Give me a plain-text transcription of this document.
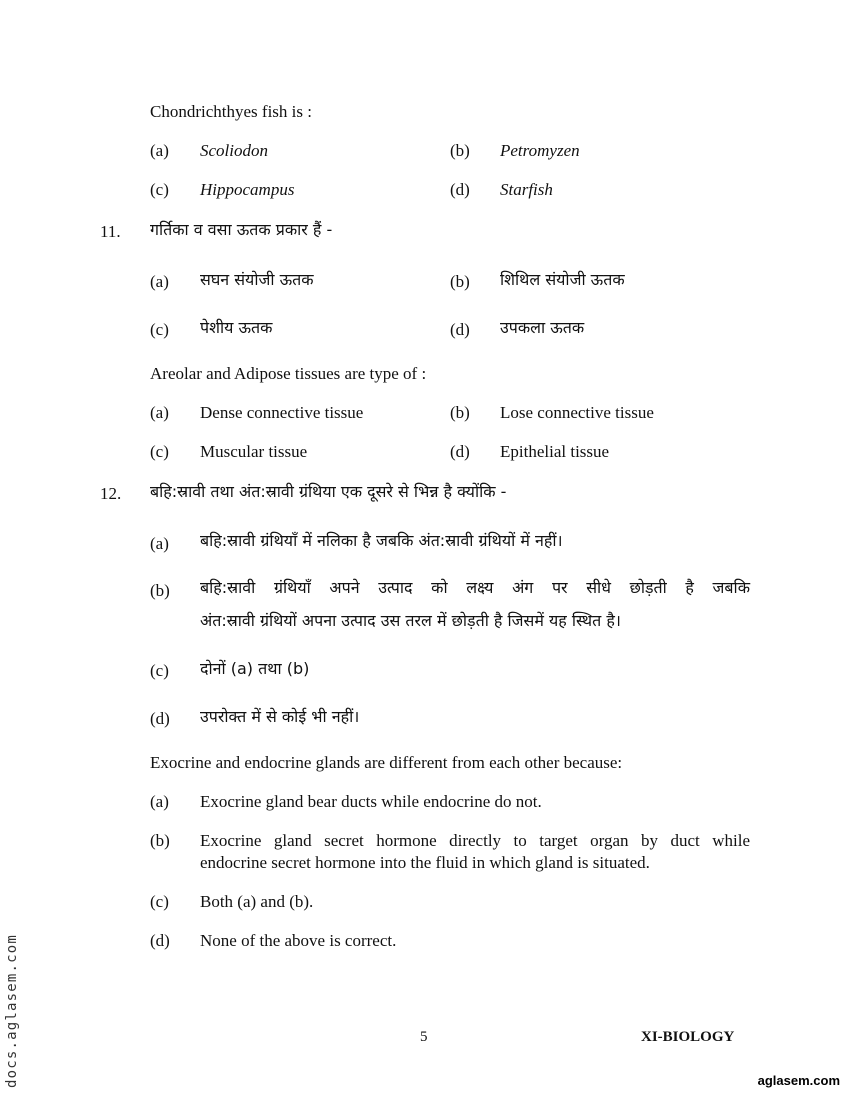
Chondrichthyes fish is :
(a) Scoliodon	(b) Petromyzen
(c) Hippocampus	(d) Starfish
11. गर्तिका व वसा ऊतक प्रकार हैं -
(a) सघन संयोजी ऊतक	(b) शिथिल संयोजी ऊतक
(c) पेशीय ऊतक	(d) उपकला ऊतक
Areolar and Adipose tissues are type of :
(a) Dense connective tissue	(b) Lose connective tissue
(c) Muscular tissue	(d) Epithelial tissue
12. बहि:स्रावी तथा अंत:स्रावी ग्रंथिया एक दूसरे से भिन्न है क्योंकि -
(a) बहि:स्रावी ग्रंथियाँ में नलिका है जबकि अंत:स्रावी ग्रंथियों में नहीं।
(b) बहि:स्रावी ग्रंथियाँ अपने उत्पाद को लक्ष्य अंग पर सीधे छोड़ती है जबकि
अंत:स्रावी ग्रंथियों अपना उत्पाद उस तरल में छोड़ती है जिसमें यह स्थित है।
(c) दोनों (a) तथा (b)
(d) उपरोक्त में से कोई भी नहीं।
Exocrine and endocrine glands are different from each other because:
(a) Exocrine gland bear ducts while endocrine do not.
(b) Exocrine gland secret hormone directly to target organ by duct while
endocrine secret hormone into the fluid in which gland is situated.
(c) Both (a) and (b).
(d) None of the above is correct.
5	XI-BIOLOGY
docs.aglasem.com	aglasem.com
